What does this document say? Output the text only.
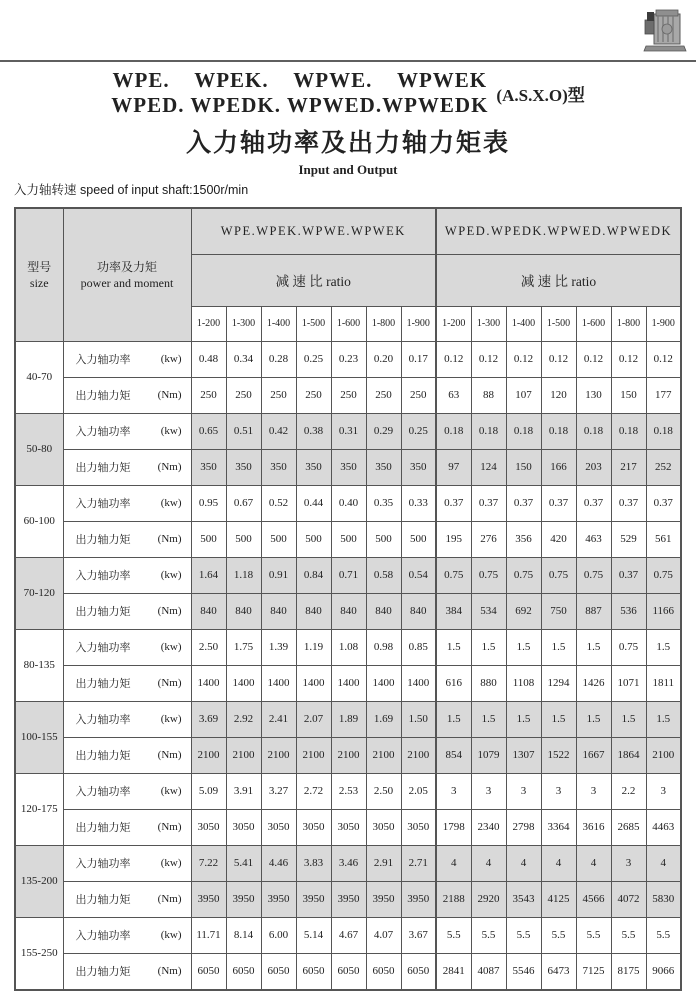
WPE.    WPEK.    WPWE.    WPWEK
WPED. WPEDK. WPWED.WPWEDK (A.S.X.O)型
入力轴功率及出力轴力矩表
Input and Output
入力轴转速 speed of input shaft:1500r/min
型号
size

功率及力矩
power and moment
	WPE.WPEK.WPWE.WPWEK	WPED.WPEDK.WPWED.WPWEDK
		减 速 比 ratio							减 速 比 ratio						
		1-200	1-300	1-400	1-500	1-600	1-800	1-900	1-200	1-300	1-400	1-500	1-600	1-800	1-900
40-70	入力轴功率 (kw)	0.48	0.34	0.28	0.25	0.23	0.20	0.17	0.12	0.12	0.12	0.12	0.12	0.12	0.12

	出力轴力矩 (Nm)	250	250	250	250	250	250	250	63	88	107	120	130	150	177
50-80	入力轴功率 (kw)	0.65	0.51	0.42	0.38	0.31	0.29	0.25	0.18	0.18	0.18	0.18	0.18	0.18	0.18

	出力轴力矩 (Nm)	350	350	350	350	350	350	350	97	124	150	166	203	217	252
60-100	入力轴功率 (kw)	0.95	0.67	0.52	0.44	0.40	0.35	0.33	0.37	0.37	0.37	0.37	0.37	0.37	0.37

	出力轴力矩 (Nm)	500	500	500	500	500	500	500	195	276	356	420	463	529	561
70-120	入力轴功率 (kw)	1.64	1.18	0.91	0.84	0.71	0.58	0.54	0.75	0.75	0.75	0.75	0.75	0.37	0.75

	出力轴力矩 (Nm)	840	840	840	840	840	840	840	384	534	692	750	887	536	1166
80-135	入力轴功率 (kw)	2.50	1.75	1.39	1.19	1.08	0.98	0.85	1.5	1.5	1.5	1.5	1.5	0.75	1.5

	出力轴力矩 (Nm)	1400	1400	1400	1400	1400	1400	1400	616	880	1108	1294	1426	1071	1811
100-155	入力轴功率 (kw)	3.69	2.92	2.41	2.07	1.89	1.69	1.50	1.5	1.5	1.5	1.5	1.5	1.5	1.5

	出力轴力矩 (Nm)	2100	2100	2100	2100	2100	2100	2100	854	1079	1307	1522	1667	1864	2100
120-175	入力轴功率 (kw)	5.09	3.91	3.27	2.72	2.53	2.50	2.05	3	3	3	3	3	2.2	3

	出力轴力矩 (Nm)	3050	3050	3050	3050	3050	3050	3050	1798	2340	2798	3364	3616	2685	4463
135-200	入力轴功率 (kw)	7.22	5.41	4.46	3.83	3.46	2.91	2.71	4	4	4	4	4	3	4

	出力轴力矩 (Nm)	3950	3950	3950	3950	3950	3950	3950	2188	2920	3543	4125	4566	4072	5830
155-250	入力轴功率 (kw)	11.71	8.14	6.00	5.14	4.67	4.07	3.67	5.5	5.5	5.5	5.5	5.5	5.5	5.5

	出力轴力矩 (Nm)	6050	6050	6050	6050	6050	6050	6050	2841	4087	5546	6473	7125	8175	9066
